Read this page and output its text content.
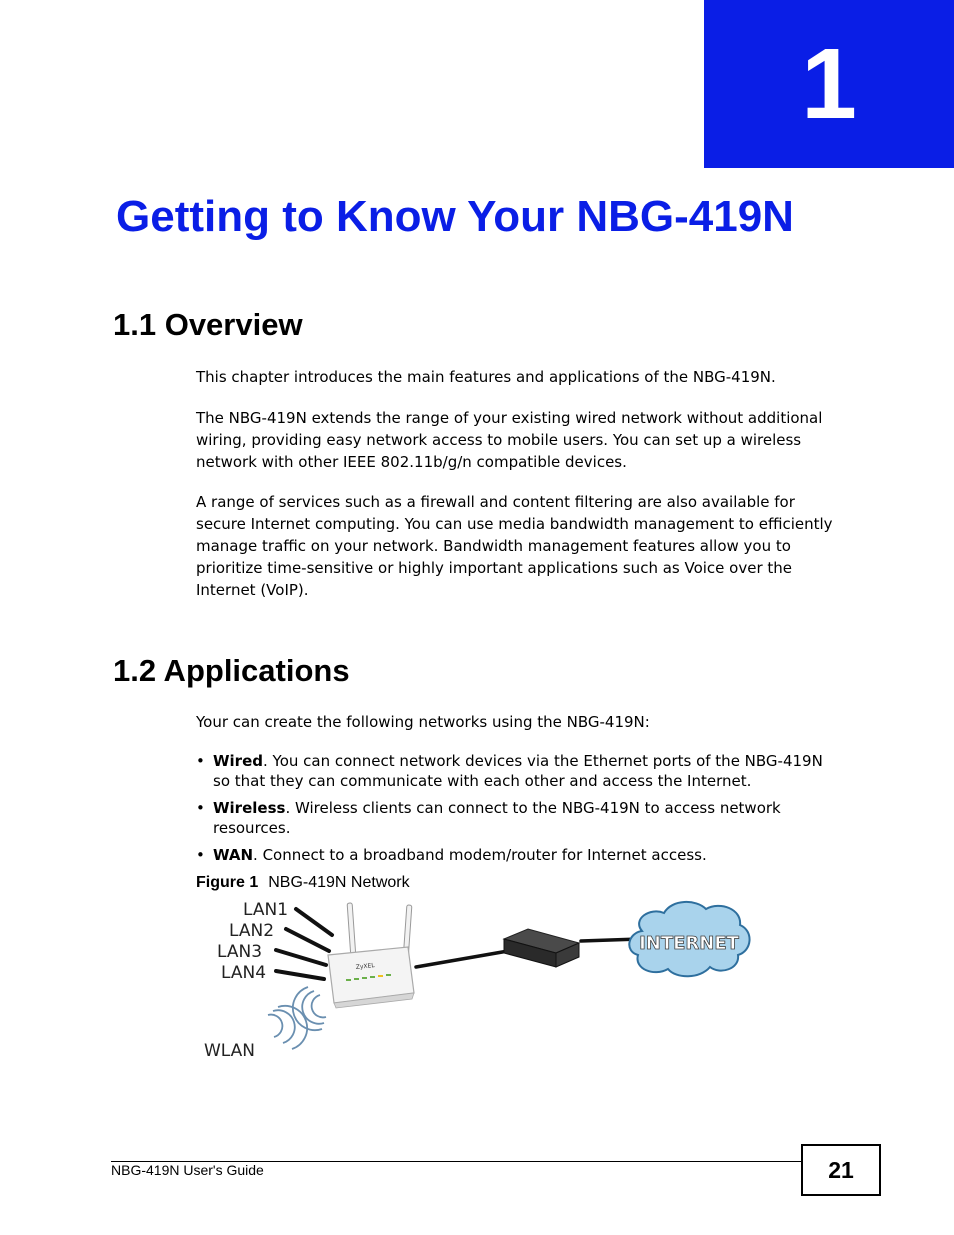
1
Getting to Know Your NBG-419N
1.1 Overview

This chapter introduces the main features and applications of the NBG-419N.

The NBG-419N extends the range of your existing wired network without additional wiring, providing easy network access to mobile users. You can set up a wireless network with other IEEE 802.11b/g/n compatible devices.

A range of services such as a firewall and content filtering are also available for secure Internet computing. You can use media bandwidth management to efficiently manage traffic on your network. Bandwidth management features allow you to prioritize time-sensitive or highly important applications such as Voice over the Internet (VoIP).

1.2 Applications

Your can create the following networks using the NBG-419N:

• Wired. You can connect network devices via the Ethernet ports of the NBG-419N so that they can communicate with each other and access the Internet.
• Wireless. Wireless clients can connect to the NBG-419N to access network resources.
• WAN. Connect to a broadband modem/router for Internet access.

Figure 1 NBG-419N Network

LAN1
LAN2
LAN3
LAN4
WLAN
ZyXEL
INTERNET

NBG-419N User's Guide	21
